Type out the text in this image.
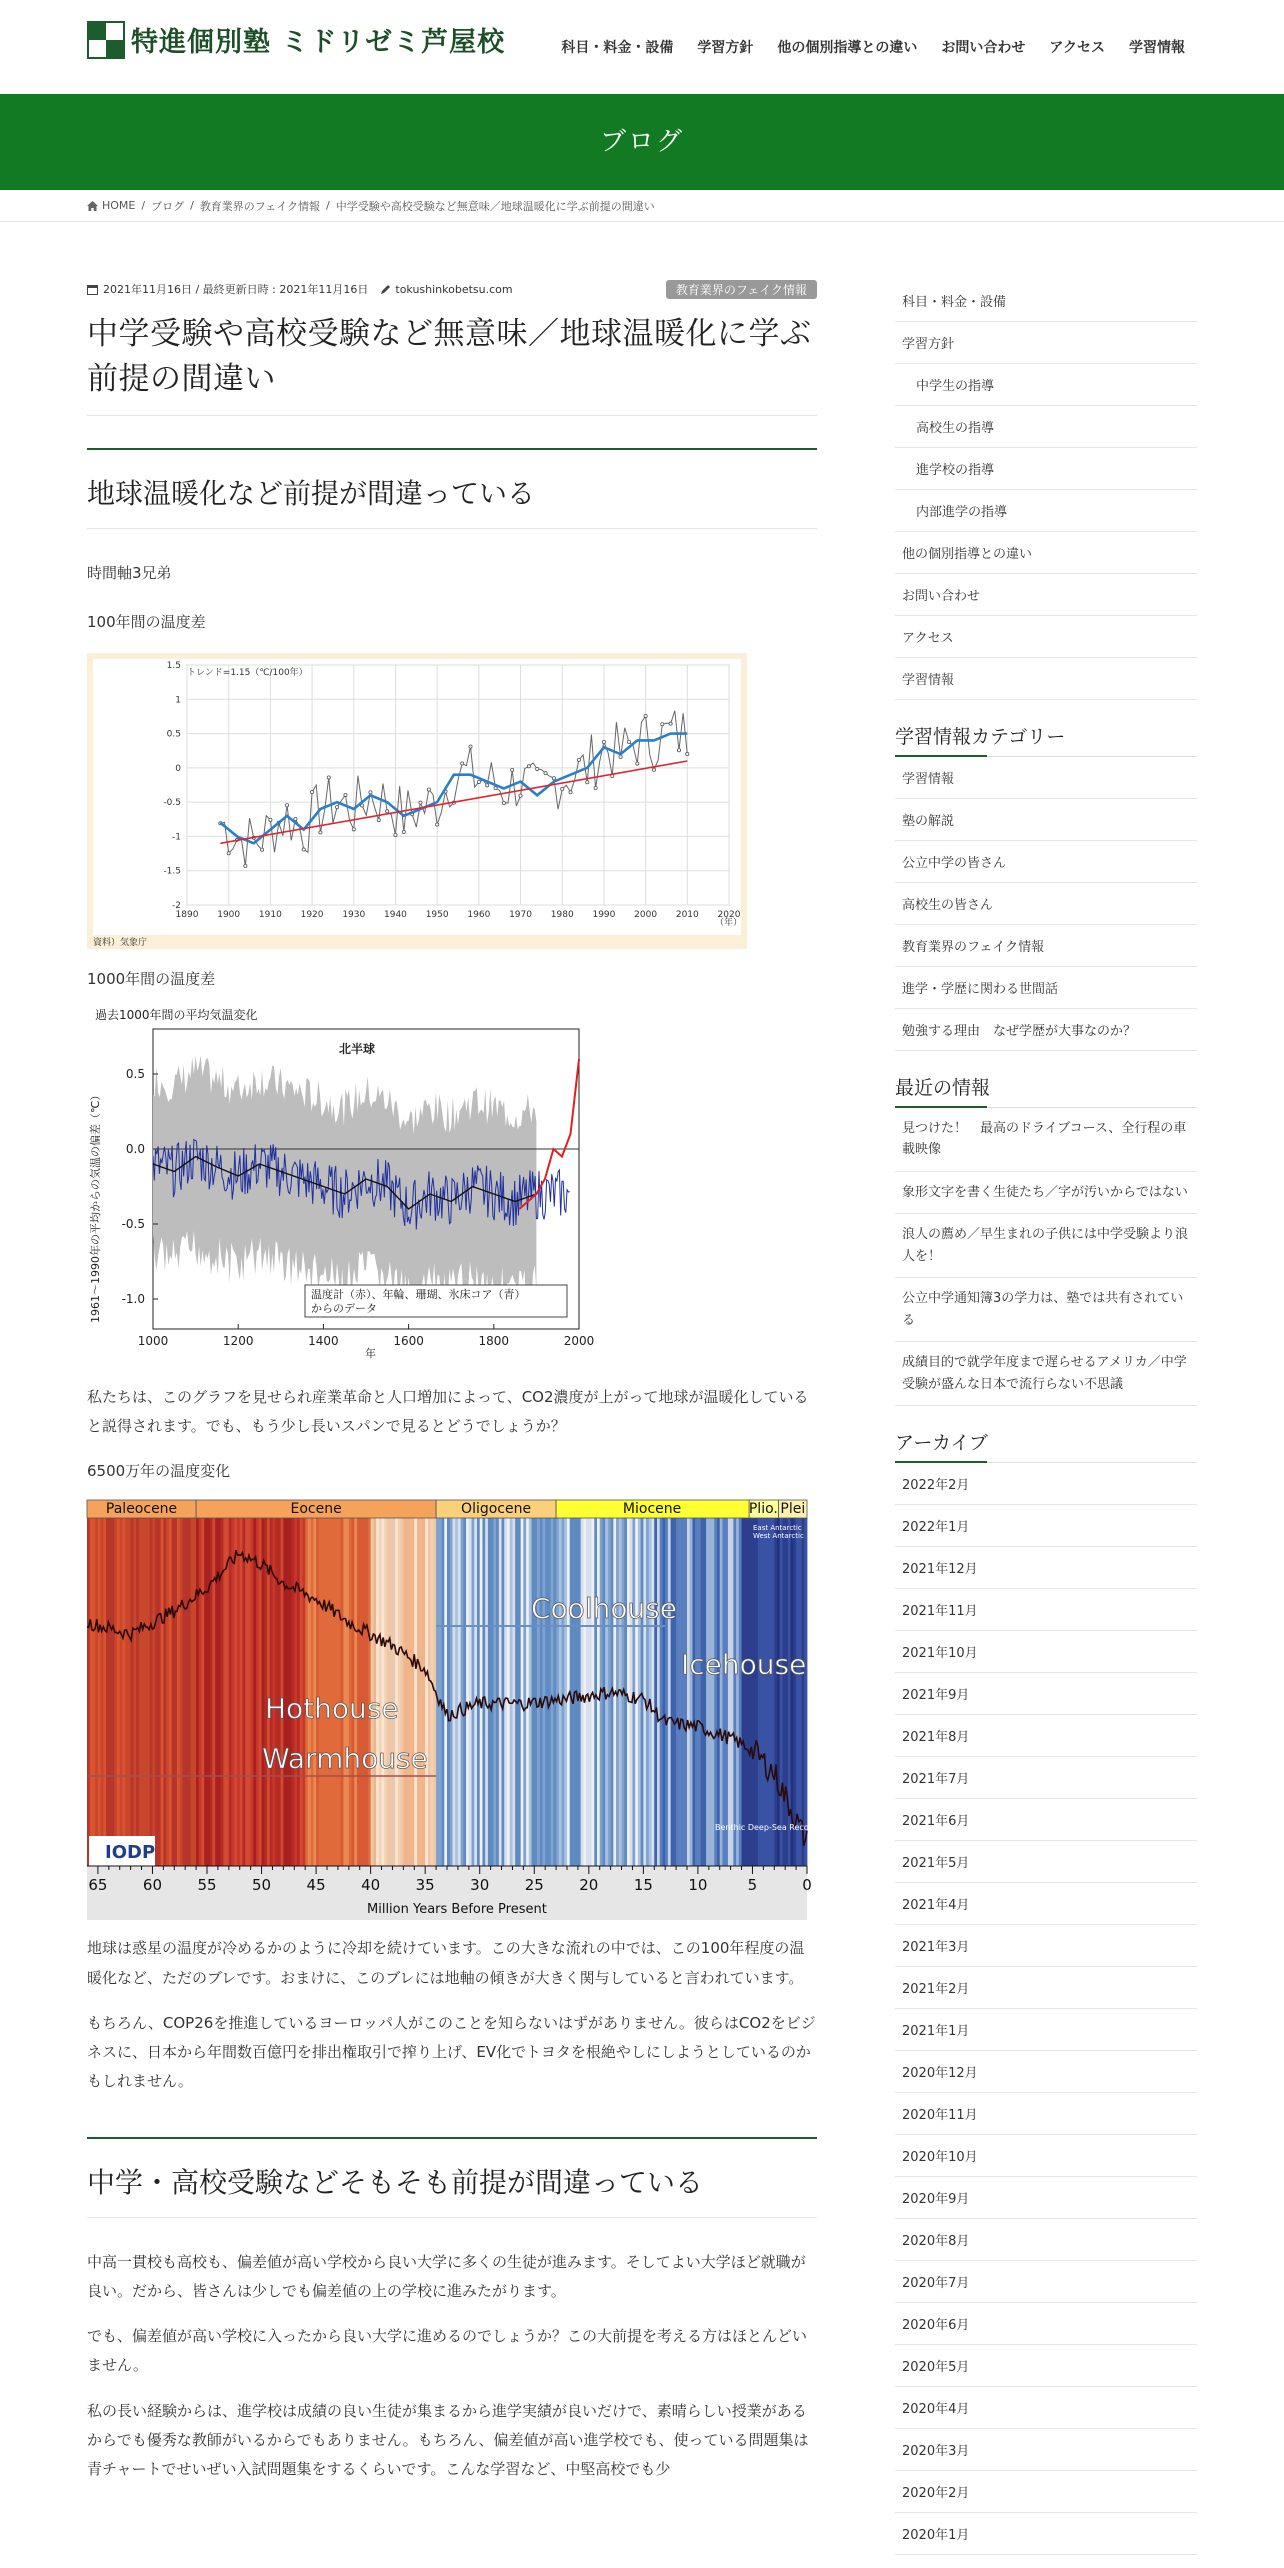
特進個別塾 ミドリゼミ芦屋校	科目・料金・設備 学習方針 他の個別指導との違い お問い合わせ アクセス 学習情報
ブログ
HOME / ブログ / 教育業界のフェイク情報 / 中学受験や高校受験など無意味／地球温暖化に学ぶ前提の間違い
2021年11月16日 / 最終更新日時 : 2021年11月16日 tokushinkobetsu.com	教育業界のフェイク情報
中学受験や高校受験など無意味／地球温暖化に学ぶ前提の間違い
地球温暖化など前提が間違っている

時間軸3兄弟

100年間の温度差

1890 1900 1910 1920 1930 1940 1950 1960 1970 1980 1990 2000 2010 2020
1.5
1
0.5
0
-0.5
-1
-1.5
-2
トレンド=1.15（℃/100年）
（年）
資料）気象庁

1000年間の温度差

過去1000年間の平均気温変化
1000	1200	1400	1600	1800	2000
0.5
0.0
-0.5
-1.0
北半球
温度計（赤）、年輪、珊瑚、氷床コア（青）
からのデータ
年
1961～1990年の平均からの気温の偏差（℃）

私たちは、このグラフを見せられ産業革命と人口増加によって、CO2濃度が上がって地球が温暖化していると説得されます。でも、もう少し長いスパンで見るとどうでしょうか？

6500万年の温度変化

Paleocene	Eocene	Oligocene	Miocene	Plio. Plei
Hothouse
Warmhouse
Coolhouse
Icehouse
East Antarctic
West Antarctic
Benthic Deep-Sea Record
IODP
65 60 55 50 45 40 35 30 25 20 15 10	5	0
Million Years Before Present

地球は惑星の温度が冷めるかのように冷却を続けています。この大きな流れの中では、この100年程度の温暖化など、ただのブレです。おまけに、このブレには地軸の傾きが大きく関与していると言われています。

もちろん、COP26を推進しているヨーロッパ人がこのことを知らないはずがありません。彼らはCO2をビジネスに、日本から年間数百億円を排出権取引で搾り上げ、EV化でトヨタを根絶やしにしようとしているのかもしれません。

中学・高校受験などそもそも前提が間違っている

中高一貫校も高校も、偏差値が高い学校から良い大学に多くの生徒が進みます。そしてよい大学ほど就職が良い。だから、皆さんは少しでも偏差値の上の学校に進みたがります。

でも、偏差値が高い学校に入ったから良い大学に進めるのでしょうか？この大前提を考える方はほとんどいません。

私の長い経験からは、進学校は成績の良い生徒が集まるから進学実績が良いだけで、素晴らしい授業があるからでも優秀な教師がいるからでもありません。もちろん、偏差値が高い進学校でも、使っている問題集は青チャートでせいぜい入試問題集をするくらいです。こんな学習など、中堅高校でも少

科目・料金・設備
学習方針
中学生の指導
高校生の指導
進学校の指導
内部進学の指導
他の個別指導との違い
お問い合わせ
アクセス
学習情報
学習情報カテゴリー
学習情報
塾の解説
公立中学の皆さん
高校生の皆さん
教育業界のフェイク情報
進学・学歴に関わる世間話
勉強する理由　なぜ学歴が大事なのか？
最近の情報
見つけた！　最高のドライブコース、全行程の車載映像
象形文字を書く生徒たち／字が汚いからではない
浪人の薦め／早生まれの子供には中学受験より浪人を！
公立中学通知簿3の学力は、塾では共有されている
成績目的で就学年度まで遅らせるアメリカ／中学受験が盛んな日本で流行らない不思議
アーカイブ
2022年2月
2022年1月
2021年12月
2021年11月
2021年10月
2021年9月
2021年8月
2021年7月
2021年6月
2021年5月
2021年4月
2021年3月
2021年2月
2021年1月
2020年12月
2020年11月
2020年10月
2020年9月
2020年8月
2020年7月
2020年6月
2020年5月
2020年4月
2020年3月
2020年2月
2020年1月
